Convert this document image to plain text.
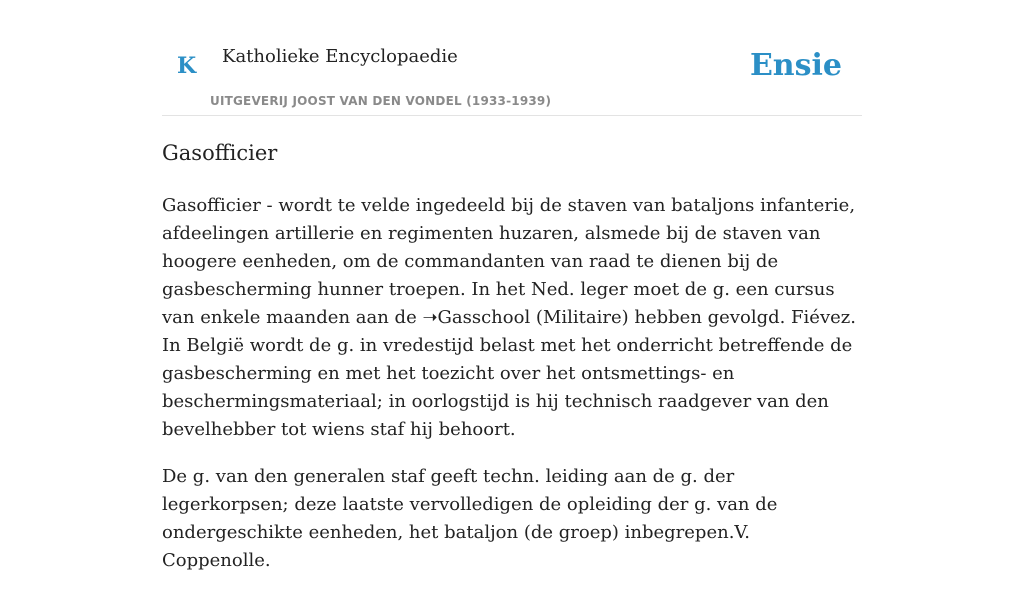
K Katholieke Encyclopaedie
UITGEVERIJ JOOST VAN DEN VONDEL (1933-1939)
Ensie
Gasofficier

Gasofficier - wordt te velde ingedeeld bij de staven van bataljons infanterie, afdeelingen artillerie en regimenten huzaren, alsmede bij de staven van hoogere eenheden, om de commandanten van raad te dienen bij de gasbescherming hunner troepen. In het Ned. leger moet de g. een cursus van enkele maanden aan de ➝Gasschool (Militaire) hebben gevolgd. Fiévez. In België wordt de g. in vredestijd belast met het onderricht betreffende de gasbescherming en met het toezicht over het ontsmettings- en beschermingsmateriaal; in oorlogstijd is hij technisch raadgever van den bevelhebber tot wiens staf hij behoort.

De g. van den generalen staf geeft techn. leiding aan de g. der legerkorpsen; deze laatste vervolledigen de opleiding der g. van de ondergeschikte eenheden, het bataljon (de groep) inbegrepen.V. Coppenolle.
